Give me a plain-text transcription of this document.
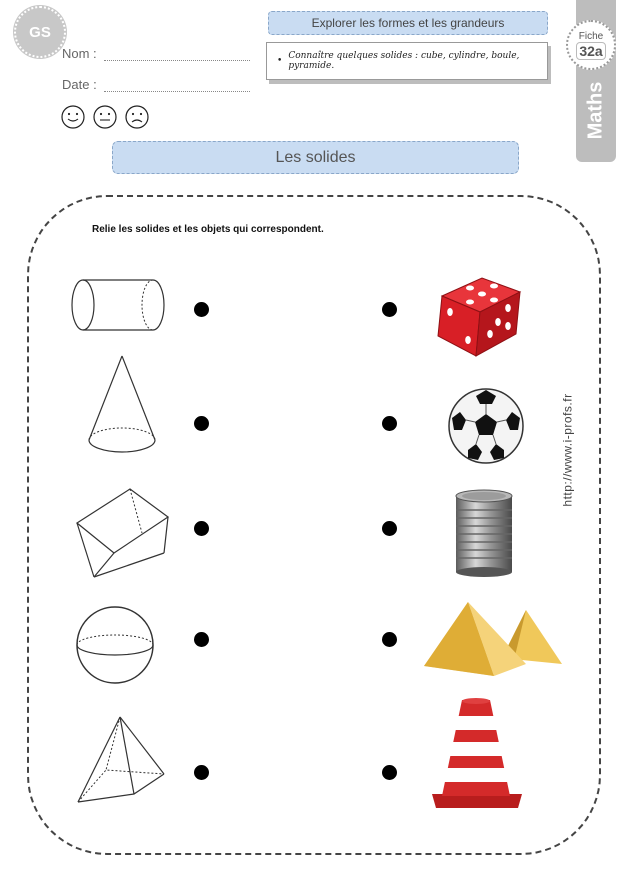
GS
Nom :
Date :
Explorer les formes et les grandeurs
• Connaître quelques solides : cube, cylindre, boule, pyramide.
Les solides
Maths
Fiche
32a
Relie les solides et les objets qui correspondent.
http://www.i-profs.fr
